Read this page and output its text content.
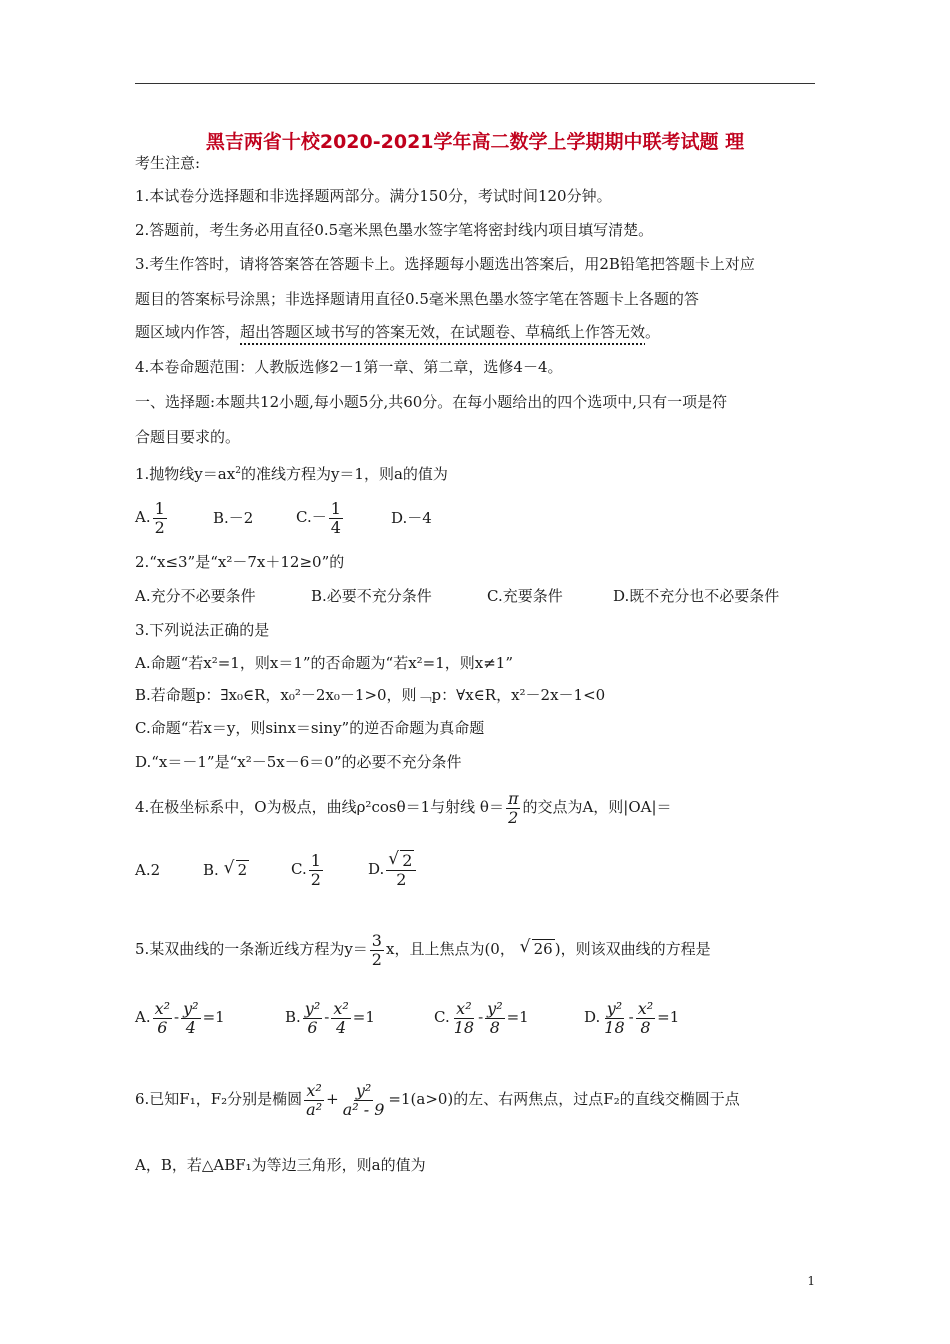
黑吉两省十校2020-2021学年高二数学上学期期中联考试题 理
考生注意:
1.本试卷分选择题和非选择题两部分。满分150分，考试时间120分钟。
2.答题前，考生务必用直径0.5毫米黑色墨水签字笔将密封线内项目填写清楚。
3.考生作答时，请将答案答在答题卡上。选择题每小题选出答案后，用2B铅笔把答题卡上对应
题目的答案标号涂黑；非选择题请用直径0.5毫米黑色墨水签字笔在答题卡上各题的答
题区域内作答，超出答题区域书写的答案无效，在试题卷、草稿纸上作答无效。
4.本卷命题范围：人教版选修2－1第一章、第二章，选修4－4。
一、选择题:本题共12小题,每小题5分,共60分。在每小题给出的四个选项中,只有一项是符
合题目要求的。
1.抛物线$y=ax^2$的准线方程为y＝1，则a的值为
A. $\frac{1}{2}$	B.－2	$C.- \frac{1}{4}$	D.－4
2.“x≤3”是“x²－7x＋12≥0”的
A.充分不必要条件	B.必要不充分条件	C.充要条件	D.既不充分也不必要条件
3.下列说法正确的是
A.命题“若x²=1，则x＝1”的否命题为“若x²=1，则x≠1”
B.若命题p：∃x₀∈R，x₀²－2x₀－1>0，则﹁p：∀x∈R，x²－2x－1<0
C.命题“若x＝y，则sinx＝siny”的逆否命题为真命题
D.“x＝－1”是“x²－5x－6＝0”的必要不充分条件
4.在极坐标系中，O为极点，曲线ρ²cosθ＝1与射线 $\theta= \frac{\pi}{2}$ 的交点为A，则|OA|＝
A.2	B. √ 2	C. $\frac{1}{2}$	D. √ $\frac{2}{2}$
5.某双曲线的一条渐近线方程为$y= \frac{3}{2}$ x，且上焦点为(0， √ 26 )，则该双曲线的方程是
A. $\frac{\text{x²}}{6} - \frac{\text{y²}}{4} =1$	B. $\frac{\text{y²}}{6} - \frac{\text{x²}}{4} =1$	C. $\frac{\text{x²}}{18} - \frac{\text{y²}}{8} =1$	D. $\frac{\text{y²}}{18} - \frac{\text{x²}}{8} =1$
6.已知F₁，F₂分别是椭圆 $\frac{\text{x²}}{\text{a²}} + \frac{\text{y²}}{\text{a² - 9}} =1(a>0)$的左、右两焦点，过点F₂的直线交椭圆于点
A，B，若△ABF₁为等边三角形，则a的值为
1
